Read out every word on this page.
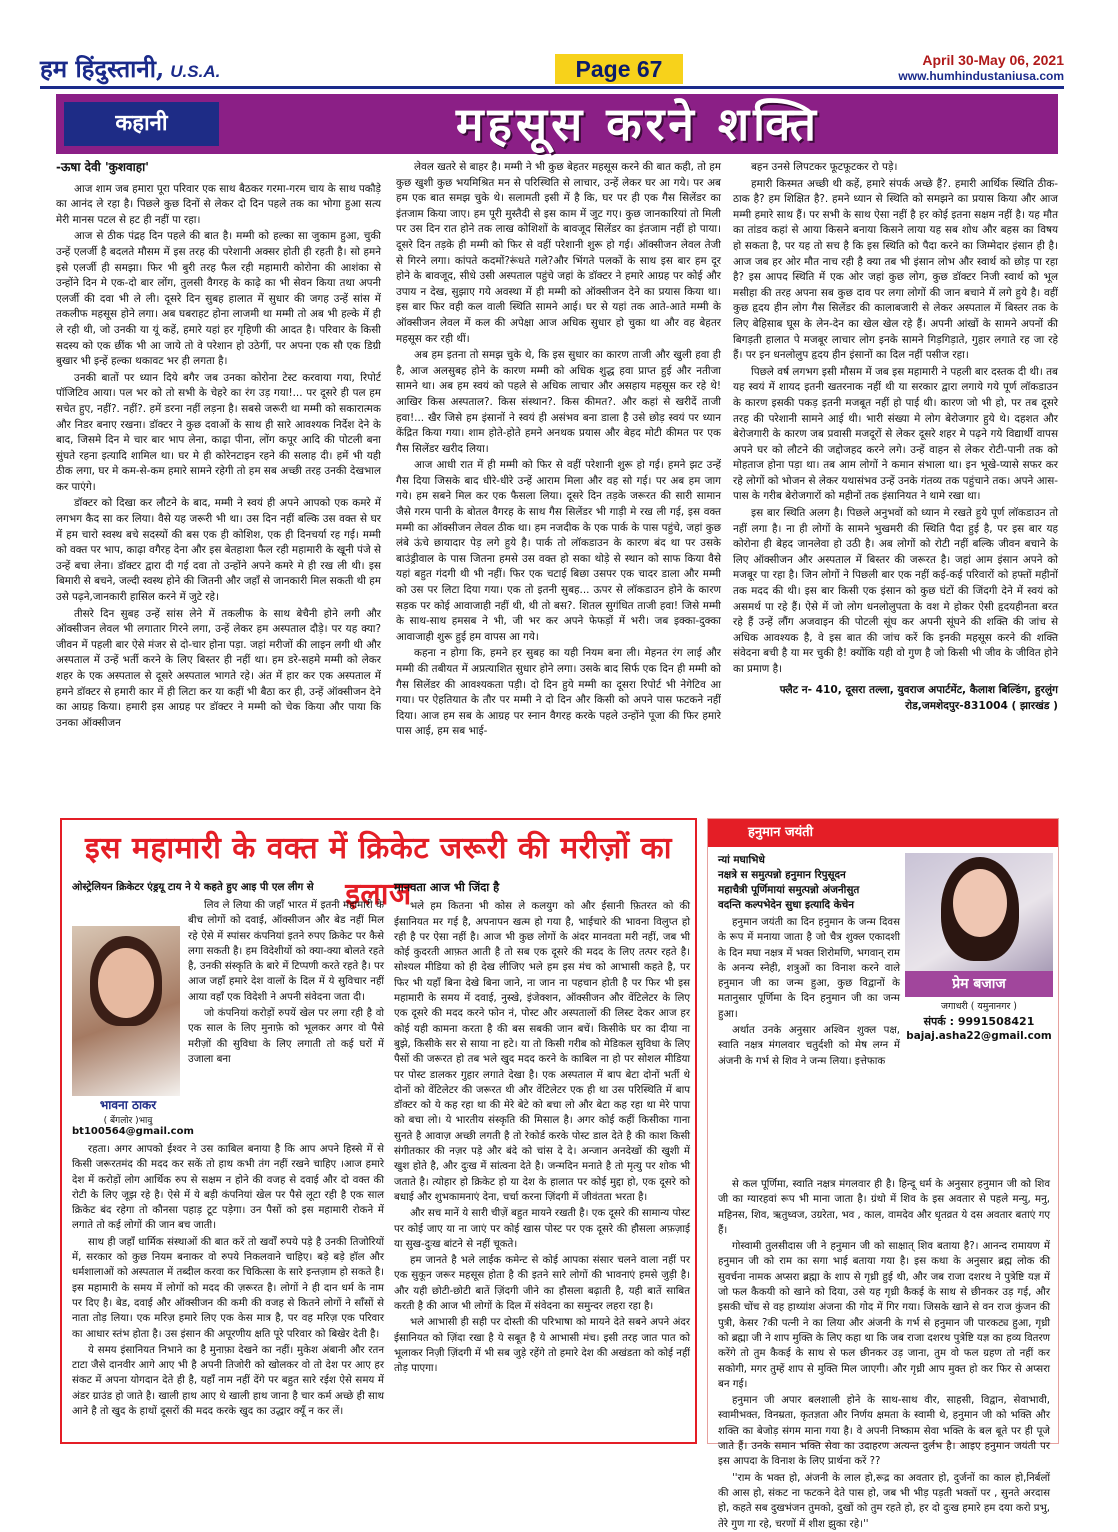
हम हिंदुस्तानी, U.S.A.	Page 67	April 30-May 06, 2021
www.humhindustaniusa.com
कहानी	महसूस करने शक्ति
-ऊषा देवी 'कुशवाहा'

आज शाम जब हमारा पूरा परिवार एक साथ बैठकर गरमा-गरम चाय के साथ पकौड़े का आनंद ले रहा है। पिछले कुछ दिनों से लेकर दो दिन पहले तक का भोगा हुआ सत्य मेरी मानस पटल से हट ही नहीं पा रहा।

आज से ठीक पंद्रह दिन पहले की बात है। मम्मी को हल्का सा जुकाम हुआ, चुकी उन्हें एलर्जी है बदलते मौसम में इस तरह की परेशानी अक्सर होती ही रहती है। सो हमने इसे एलर्जी ही समझा। फिर भी बुरी तरह फैल रही महामारी कोरोना की आशंका से उन्होंने दिन मे एक-दो बार लोंग, तुलसी वैगरह के काढ़े का भी सेवन किया तथा अपनी एलर्जी की दवा भी ले ली। दूसरे दिन सुबह हालात में सुधार की जगह उन्हें सांस में तकलीफ महसूस होने लगा। अब घबराहट होना लाजमी था मम्मी तो अब भी हल्के में ही ले रही थी, जो उनकी या यूं कहें, हमारे यहां हर गृहिणी की आदत है। परिवार के किसी सदस्य को एक छींक भी आ जाये तो वे परेशान हो उठेगीं, पर अपना एक सौ एक डिग्री बुखार भी इन्हें हल्का थकावट भर ही लगता है।

उनकी बातों पर ध्यान दिये बगैर जब उनका कोरोना टेस्ट करवाया गया, रिपोर्ट पॉजिटिव आया। पल भर को तो सभी के चेहरे का रंग उड़ गया!... पर दूसरे ही पल हम सचेत हुए, नहीं?. नहीं?. हमें डरना नहीं लड़ना है। सबसे जरूरी था मम्मी को सकारात्मक और निडर बनाए रखना। डॉक्टर ने कुछ दवाओं के साथ ही सारे आवश्यक निर्देश देने के बाद, जिसमे दिन मे चार बार भाप लेना, काढ़ा पीना, लोंग कपूर आदि की पोटली बना सुंघते रहना इत्यादि शामिल था। घर मे ही कोरेनटाइन रहने की सलाह दी। हमें भी यही ठीक लगा, घर मे कम-से-कम हमारे सामने रहेगी तो हम सब अच्छी तरह उनकी देखभाल कर पाएंगे।

डॉक्टर को दिखा कर लौटने के बाद, मम्मी ने स्वयं ही अपने आपको एक कमरे में लगभग कैद सा कर लिया। वैसे यह जरूरी भी था। उस दिन नहीं बल्कि उस वक्त से घर में हम चारो स्वस्थ बचे सदस्यों की बस एक ही कोशिश, एक ही दिनचर्या रह गई। मम्मी को वक्त पर भाप, काढ़ा वगैरह देना और इस बेतहाशा फैल रही महामारी के खूनी पंजे से उन्हें बचा लेना। डॉक्टर द्वारा दी गई दवा तो उन्होंने अपने कमरे मे ही रख ली थी। इस बिमारी से बचने, जल्दी स्वस्थ होने की जितनी और जहाँ से जानकारी मिल सकती थी हम उसे पढ़ने,जानकारी हासिल करने में जुटे रहे।

तीसरे दिन सुबह उन्हें सांस लेने में तकलीफ के साथ बेचैनी होने लगी और ऑक्सीजन लेवल भी लगातार गिरने लगा, उन्हें लेकर हम अस्पताल दौड़े। पर यह क्या? जीवन में पहली बार ऐसे मंजर से दो-चार होना पड़ा. जहां मरीजों की लाइन लगी थी और अस्पताल में उन्हें भर्ती करने के लिए बिस्तर ही नहीं था। हम डरे-सहमे मम्मी को लेकर शहर के एक अस्पताल से दूसरे अस्पताल भागते रहे। अंत में हार कर एक अस्पताल में हमने डॉक्टर से हमारी कार में ही लिटा कर या कहीं भी बैठा कर ही, उन्हें ऑक्सीजन देने का आग्रह किया। हमारी इस आग्रह पर डॉक्टर ने मम्मी को चेक किया और पाया कि उनका ऑक्सीजन

लेवल खतरे से बाहर है। मम्मी ने भी कुछ बेहतर महसूस करने की बात कही, तो हम कुछ खुशी कुछ भयमिश्रित मन से परिस्थिति से लाचार, उन्हें लेकर घर आ गये। पर अब हम एक बात समझ चुके थे। सलामती इसी में है कि, घर पर ही एक गैस सिलेंडर का इंतजाम किया जाए। हम पूरी मुस्तैदी से इस काम में जुट गए। कुछ जानकारियां तो मिली पर उस दिन रात होने तक लाख कोशिशों के बावजूद सिलेंडर का इंतजाम नहीं हो पाया। दूसरे दिन तड़के ही मम्मी को फिर से वहीं परेशानी शुरू हो गई। ऑक्सीजन लेवल तेजी से गिरने लगा। कांपते कदमों?रूंधते गले?और भिंगते पलकों के साथ इस बार हम दूर होने के बावजूद, सीधे उसी अस्पताल पहुंचे जहां के डॉक्टर ने हमारे आग्रह पर कोई और उपाय न देख, सुझाए गये अवस्था में ही मम्मी को ऑक्सीजन देने का प्रयास किया था। इस बार फिर वही कल वाली स्थिति सामने आई। घर से यहां तक आते-आते मम्मी के ऑक्सीजन लेवल में कल की अपेक्षा आज अधिक सुधार हो चुका था और वह बेहतर महसूस कर रही थीं।

अब हम इतना तो समझ चुके थे, कि इस सुधार का कारण ताजी और खुली हवा ही है, आज अलसुबह होने के कारण मम्मी को अधिक शुद्ध हवा प्राप्त हुई और नतीजा सामने था। अब हम स्वयं को पहले से अधिक लाचार और असहाय महसूस कर रहे थे! आखिर किस अस्पताल?. किस संस्थान?. किस कीमत?. और कहां से खरीदें ताजी हवा!... खैर जिसे हम इंसानों ने स्वयं ही असंभव बना डाला है उसे छोड़ स्वयं पर ध्यान केंद्रित किया गया। शाम होते-होते हमने अनथक प्रयास और बेहद मोटी कीमत पर एक गैस सिलेंडर खरीद लिया।

आज आधी रात में ही मम्मी को फिर से वहीं परेशानी शुरू हो गई। हमने झट उन्हें गैस दिया जिसके बाद धीरे-धीरे उन्हें आराम मिला और वह सो गई। पर अब हम जाग गये। हम सबने मिल कर एक फैसला लिया। दूसरे दिन तड़के जरूरत की सारी सामान जैसे गरम पानी के बोतल वैगरह के साथ गैस सिलेंडर भी गाड़ी मे रख ली गई, इस वक्त मम्मी का ऑक्सीजन लेवल ठीक था। हम नजदीक के एक पार्क के पास पहुंचे, जहां कुछ लंबे ऊंचे छायादार पेड़ लगे हुये है। पार्क तो लॉकडाउन के कारण बंद था पर उसके बाउंड्रीवाल के पास जितना हमसे उस वक्त हो सका थोड़े से स्थान को साफ किया वैसे यहां बहुत गंदगी थी भी नहीं। फिर एक चटाई बिछा उसपर एक चादर डाला और मम्मी को उस पर लिटा दिया गया। एक तो इतनी सुबह... ऊपर से लॉकडाउन होने के कारण सड़क पर कोई आवाजाही नहीं थी, थी तो बस?. शितल सुगंधित ताजी हवा! जिसे मम्मी के साथ-साथ हमसब ने भी, जी भर कर अपने फेफड़ों में भरी। जब इक्का-दुक्का आवाजाही शुरू हुई हम वापस आ गये।

कहना न होगा कि, हमने हर सुबह का यही नियम बना ली। मेहनत रंग लाई और मम्मी की तबीयत में अप्रत्याशित सुधार होने लगा। उसके बाद सिर्फ एक दिन ही मम्मी को गैस सिलेंडर की आवश्यकता पड़ी। दो दिन हुये मम्मी का दूसरा रिपोर्ट भी नेगेटिव आ गया। पर ऐहतियात के तौर पर मम्मी ने दो दिन और किसी को अपने पास फटकने नहीं दिया। आज हम सब के आग्रह पर स्नान वैगरह करके पहले उन्होंने पूजा की फिर हमारे पास आई, हम सब भाई-

बहन उनसे लिपटकर फूटफूटकर रो पड़े।

हमारी किस्मत अच्छी थी कहें, हमारे संपर्क अच्छे हैं?. हमारी आर्थिक स्थिति ठीक-ठाक है? हम शिक्षित है?. हमने ध्यान से स्थिति को समझने का प्रयास किया और आज मम्मी हमारे साथ हैं। पर सभी के साथ ऐसा नहीं है हर कोई इतना सक्षम नहीं है। यह मौत का तांडव कहां से आया किसने बनाया किसने लाया यह सब शोध और बहस का विषय हो सकता है, पर यह तो सच है कि इस स्थिति को पैदा करने का जिम्मेदार इंसान ही है। आज जब हर ओर मौत नाच रही है क्या तब भी इंसान लोभ और स्वार्थ को छोड़ पा रहा है? इस आपद स्थिति में एक ओर जहां कुछ लोग, कुछ डॉक्टर निजी स्वार्थ को भूल मसीहा की तरह अपना सब कुछ दाव पर लगा लोगों की जान बचाने में लगे हुये है। वहीं कुछ हृदय हीन लोग गैस सिलेंडर की कालाबजारी से लेकर अस्पताल में बिस्तर तक के लिए बेहिसाब घूस के लेन-देन का खेल खेल रहे हैं। अपनी आंखों के सामने अपनों की बिगड़ती हालात पे मजबूर लाचार लोग इनके सामने गिड़गिड़ाते, गुहार लगाते रह जा रहे हैं। पर इन धनलोलुप हृदय हीन इंसानों का दिल नहीं पसीज रहा।

पिछले वर्ष लगभग इसी मौसम में जब इस महामारी ने पहली बार दस्तक दी थी। तब यह स्वयं में शायद इतनी खतरनाक नहीं थी या सरकार द्वारा लगाये गये पूर्ण लॉकडाउन के कारण इसकी पकड़ इतनी मजबूत नहीं हो पाई थी। कारण जो भी हो, पर तब दूसरे तरह की परेशानी सामने आई थी। भारी संख्या मे लोग बेरोजगार हुये थे। दहशत और बेरोजगारी के कारण जब प्रवासी मजदूरों से लेकर दूसरे शहर मे पढ़ने गये विद्यार्थी वापस अपने घर को लौटने की जद्दोजहद करने लगे। उन्हें वाहन से लेकर रोटी-पानी तक को मोहताज होना पड़ा था। तब आम लोगों ने कमान संभाला था। इन भूखे-प्यासे सफर कर रहे लोगों को भोजन से लेकर यथासंभव उन्हें उनके गंतव्य तक पहुंचाने तक। अपने आस-पास के गरीब बेरोजगारों को महीनों तक इंसानियत ने थामे रखा था।

इस बार स्थिति अलग है। पिछले अनुभवों को ध्यान मे रखते हुये पूर्ण लॉकडाउन तो नहीं लगा है। ना ही लोगों के सामने भुखमरी की स्थिति पैदा हुई है, पर इस बार यह कोरोना ही बेहद जानलेवा हो उठी है। अब लोगों को रोटी नहीं बल्कि जीवन बचाने के लिए ऑक्सीजन और अस्पताल में बिस्तर की जरूरत है। जहां आम इंसान अपने को मजबूर पा रहा है। जिन लोगों ने पिछली बार एक नहीं कई-कई परिवारों को हफ्तों महीनों तक मदद की थी। इस बार किसी एक इंसान को कुछ घंटों की जिंदगी देने में स्वयं को असमर्थ पा रहे हैं। ऐसे में जो लोग धनलोलुपता के वश मे होकर ऐसी हृदयहीनता बरत रहे हैं उन्हें लौंग अजवाइन की पोटली सूंघ कर अपनी सूंघने की शक्ति की जांच से अधिक आवश्यक है, वे इस बात की जांच करें कि इनकी महसूस करने की शक्ति संवेदना बची है या मर चुकी है! क्योंकि यही वो गुण है जो किसी भी जीव के जीवित होने का प्रमाण है।

फ्लैट न- 410, दूसरा तल्ला, युवराज अपार्टमेंट, कैलाश बिल्डिंग, हुरलुंग रोड,जमशेदपुर-831004 ( झारखंड )
इस महामारी के वक्त में क्रिकेट जरूरी की मरीज़ों का इलाज
ओस्ट्रेलियन क्रिकेटर एंड्रयू टाय ने ये कहते हुए आइ पी एल लीग से
भावना ठाकर
( बेंगलोर )भावु
bt100564@gmail.com

लिव ले लिया की जहाँ भारत में इतनी महामारी के बीच लोगों को दवाई, ऑक्सीजन और बेड नहीं मिल रहे ऐसे में स्पांसर कंपनियां इतने रुपए क्रिकेट पर कैसे लगा सकती है। हम विदेशीयों को क्या-क्या बोलते रहते है, उनकी संस्कृति के बारे में टिप्पणी करते रहते है। पर आज जहाँ हमारे देश वालों के दिल में ये सुविचार नहीं आया वहाँ एक विदेशी ने अपनी संवेदना जता दी।

जो कंपनियां करोड़ों रुपयें खेल पर लगा रही है वो एक साल के लिए मुनाफ़े को भूलकर अगर वो पैसे मरीज़ों की सुविधा के लिए लगाती तो कई घरों में उजाला बना

रहता। अगर आपको ईश्वर ने उस काबिल बनाया है कि आप अपने हिस्से में से किसी जरूरतमंद की मदद कर सकें तो हाथ कभी तंग नहीं रखने चाहिए ।आज हमारे देश में करोड़ों लोग आर्थिक रुप से सक्षम न होने की वजह से दवाई और दो वक्त की रोटी के लिए जूझ रहे है। ऐसे में ये बड़ी कंपनियां खेल पर पैसे लूटा रही है एक साल क्रिकेट बंद रहेगा तो कौनसा पहाड़ टूट पड़ेगा। उन पैसों को इस महामारी रोकने में लगाते तो कई लोगों की जान बच जाती।

साथ ही जहाँ धार्मिक संस्थाओं की बात करें तो खर्वों रुपये पड़े है उनकी तिजोरियों में, सरकार को कुछ नियम बनाकर वो रुपये निकलवाने चाहिए। बड़े बड़े हॉल और धर्मशालाओं को अस्पताल में तब्दील करवा कर चिकित्सा के सारे इन्तज़ाम हो सकते है। इस महामारी के समय में लोगों को मदद की ज़रूरत है। लोगों ने ही दान धर्म के नाम पर दिए है। बेड, दवाई और ऑक्सीजन की कमी की वजह से कितने लोगों ने साँसों से नाता तोड़ लिया। एक मरिज़ हमारे लिए एक केस मात्र है, पर वह मरिज़ एक परिवार का आधार स्तंभ होता है। उस इंसान की अपूरणीय क्षति पूरे परिवार को बिखेर देती है।

ये समय इंसानियत निभाने का है मुनाफ़ा देखने का नहीं। मुकेश अंबानी और रतन टाटा जैसे दानवीर आगे आए भी है अपनी तिजोरी को खोलकर वो तो देश पर आए हर संकट में अपना योगदान देते ही है, यहाँ नाम नहीं देंगे पर बहुत सारे रईश ऐसे समय में अंडर ग्राउंड हो जाते है। खाली हाथ आए थे खाली हाथ जाना है चार कर्म अच्छे ही साथ आने है तो खुद के हाथों दूसरों की मदद करके खुद का उद्धार क्यूँ न कर लें।

मानवता आज भी जिंदा है

भले हम कितना भी कोस ले कलयुग को और ईसानी फ़ितरत को की ईसानियत मर गई है, अपनापन खत्म हो गया है, भाईचारे की भावना विलुप्त हो रही है पर ऐसा नहीं है। आज भी कुछ लोगों के अंदर मानवता मरी नहीं, जब भी कोई कुदरती आफ़त आती है तो सब एक दूसरे की मदद के लिए तत्पर रहते है। सोश्यल मीडिया को ही देख लीजिए भले हम इस मंच को आभासी कहते है, पर फिर भी यहाँ बिना देखे बिना जाने, ना जान ना पहचान होती है पर फिर भी इस महामारी के समय में दवाई, नुस्खे, इंजेक्शन, ऑक्सीजन और वेंटिलेटर के लिए एक दूसरे की मदद करने फोन नं, पोस्ट और अस्पतालों की लिस्ट देकर आज हर कोई यही कामना करता है की बस सबकी जान बचें। किसीके घर का दीया ना बुझे, किसीके सर से साया ना हटे। या तो किसी गरीब को मेडिकल सुविधा के लिए पैसों की जरूरत हो तब भले खुद मदद करने के काबिल ना हो पर सोशल मीडिया पर पोस्ट डालकर गुहार लगाते देखा है। एक अस्पताल में बाप बेटा दोनों भर्ती थे दोनों को वेंटिलेटर की जरूरत थी और वेंटिलेटर एक ही था उस परिस्थिति में बाप डॉक्टर को ये कह रहा था की मेरे बेटे को बचा लो और बेटा कह रहा था मेरे पापा को बचा लो। ये भारतीय संस्कृति की मिसाल है। अगर कोई कहीं किसीका गाना सुनते है आवाज़ अच्छी लगती है तो रेकोर्ड करके पोस्ट डाल देते है की काश किसी संगीतकार की नज़र पड़े और बंदे को चांस दे दे। अन्जान अनदेखों की खुशी में खुश होते है, और दुःख में सांत्वना देते है। जन्मदिन मनाते है तो मृत्यु पर शोक भी जताते है। त्योहार हो क्रिकेट हो या देश के हालात पर कोई मुद्दा हो, एक दूसरे को बधाई और शुभकामनाएं देना, चर्चा करना ज़िंदगी में जीवंतता भरता है।

और सच मानें ये सारी चीज़ें बहुत मायने रखती है। एक दूसरे की सामान्य पोस्ट पर कोई जाए या ना जाएं पर कोई खास पोस्ट पर एक दूसरे की हौसला अफ़ज़ाई या सुख-दुःख बांटने से नहीं चूकते।

हम जानते है भले लाईक कमेन्ट से कोई आपका संसार चलने वाला नहीं पर एक सुकून जरूर महसूस होता है की इतने सारे लोगों की भावनाएं हमसे जुड़ी है। और यही छोटी-छोटी बातें ज़िंदगी जीने का हौसला बढ़ाती है, यही बातें साबित करती है की आज भी लोगों के दिल में संवेदना का समुन्दर लहरा रहा है।

भले आभासी ही सही पर दोस्ती की परिभाषा को मायने देते सबने अपने अंदर ईसानियत को ज़िंदा रखा है ये सबूत है ये आभासी मंच। इसी तरह जात पात को भूलाकर निज़ी ज़िंदगी में भी सब जुड़े रहेंगे तो हमारे देश की अखंडता को कोई नहीं तोड़ पाएगा।

हनुमान जयंती
न्यां मघाभिधे
नक्षत्रे स समुत्पन्नो हनुमान रिपुसूदन
महाचैत्री पूर्णिमायां समुत्पन्नो अंजनीसुत
वदन्ति कल्पभेदेन सुधा इत्यादि केचेन

हनुमान जयंती का दिन हनुमान के जन्म दिवस के रूप में मनाया जाता है जो चैत्र शुक्ल एकादशी के दिन मघा नक्षत्र में भक्त शिरोमणि, भगवान् राम के अनन्य स्नेही, शत्रुओं का विनाश करने वाले हनुमान जी का जन्म हुआ, कुछ विद्वानों के मतानुसार पूर्णिमा के दिन हनुमान जी का जन्म हुआ।

अर्थात उनके अनुसार अश्विन शुक्ल पक्ष, स्वाति नक्षत्र मंगलवार चतुर्दशी को मेष लग्न में अंजनी के गर्भ से शिव ने जन्म लिया। इत्तेफाक

प्रेम बजाज
जगाधरी ( यमुनानगर )
संपर्क : 9991508421
bajaj.asha22@gmail.com

से कल पूर्णिमा, स्वाति नक्षत्र मंगलवार ही है। हिन्दू धर्म के अनुसार हनुमान जी को शिव जी का ग्यारहवां रूप भी माना जाता है। ग्रंथो में शिव के इस अवतार से पहले मन्यु, मनु, महिनस, शिव, ऋतुध्वज, उग्ररेता, भव , काल, वामदेव और धृतव्रत ये दस अवतार बताएं गए हैं।

गोस्वामी तुलसीदास जी ने हनुमान जी को साक्षात् शिव बताया है?। आनन्द रामायण में हनुमान जी को राम का सगा भाई बताया गया है। इस कथा के अनुसार ब्रह्म लोक की सुवर्चना नामक अप्सरा ब्रह्मा के शाप से गृध्री हुई थी, और जब राजा दशरथ ने पुत्रेष्टि यज्ञ में जो फल कैकयी को खाने को दिया, उसे यह गृध्री कैकई के साथ से छीनकर उड़ गई, और इसकी चोंच से वह हाथ्यांश अंजना की गोद में गिर गया। जिसके खाने से वन राज कुंजन की पुत्री, केसर ?की पत्नी ने का लिया और अंजनी के गर्भ से हनुमान जी पारकट्य हुआ, गृध्री को ब्रह्मा जी ने शाप मुक्ति के लिए कहा था कि जब राजा दशरथ पुत्रेष्टि यज्ञ का हव्य वितरण करेंगे तो तुम कैकई के साथ से फल छीनकर उड़ जाना, तुम वो फल ग्रहण तो नहीं कर सकोगी, मगर तुम्हें शाप से मुक्ति मिल जाएगी। और गृध्री आप मुक्त हो कर फिर से अप्सरा बन गई।

हनुमान जी अपार बलशाली होने के साथ-साथ वीर, साहसी, विद्वान, सेवाभावी, स्वामीभक्त, विनम्रता, कृतज्ञता और निर्णय क्षमता के स्वामी थे, हनुमान जी को भक्ति और शक्ति का बेजोड़ संगम माना गया है। वे अपनी निष्काम सेवा भक्ति के बल बूते पर ही पूजे जाते हैं। उनके समान भक्ति सेवा का उदाहरण अत्यन्त दुर्लभ है। आइए हनुमान जयंती पर इस आपदा के विनाश के लिए प्रार्थना करें ??

''राम के भक्त हो, अंजनी के लाल हो,रूद्र का अवतार हो, दुर्जनों का काल हो,निर्बलों की आस हो, संकट ना फटकने देते पास हो, जब भी भीड़ पड़ती भक्तों पर , सुनते अरदास हो, कहते सब दुखभंजन तुमको, दुखों को तुम रहते हो, हर दो दुःख हमारे हम दया करो प्रभु, तेरे गुण गा रहे, चरणों में शीश झुका रहे।''
